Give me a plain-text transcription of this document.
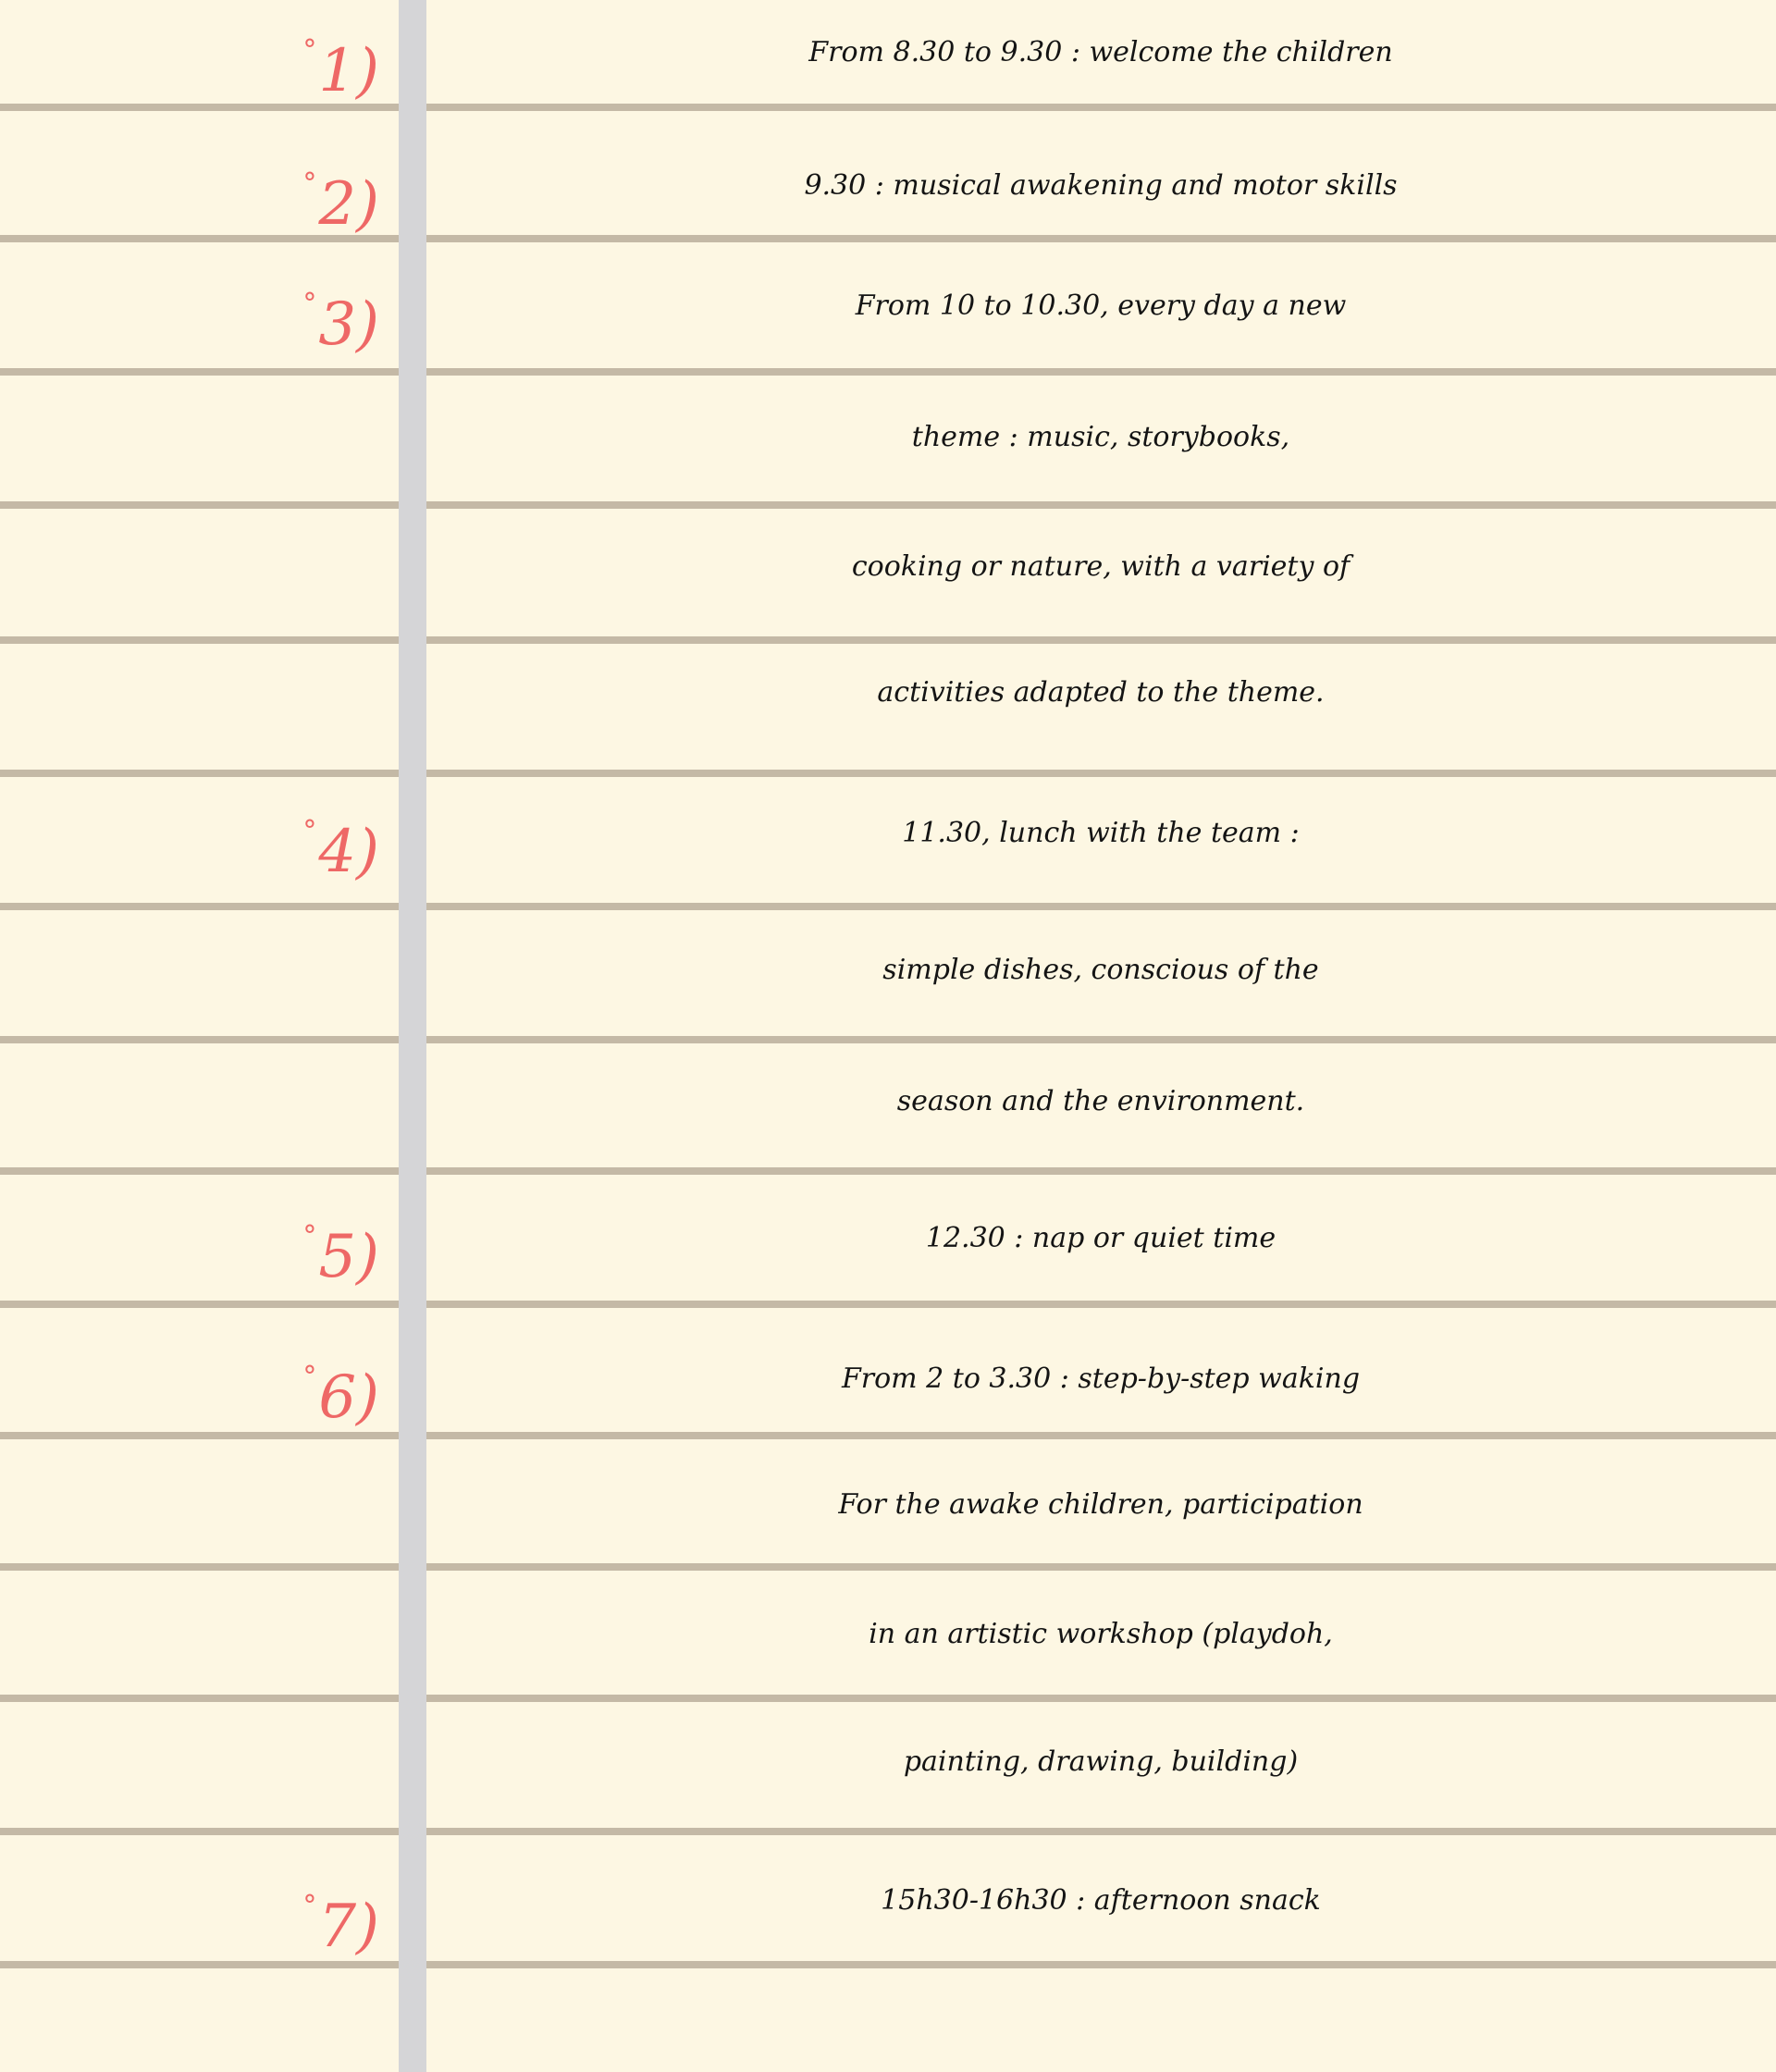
°1)	From 8.30 to 9.30 : welcome the children
°2)	9.30 : musical awakening and motor skills
°3)	From 10 to 10.30, every day a new
theme : music, storybooks,
cooking or nature, with a variety of
activities adapted to the theme.
°4)	11.30, lunch with the team :
simple dishes, conscious of the
season and the environment.
°5)	12.30 : nap or quiet time
°6)	From 2 to 3.30 : step-by-step waking
For the awake children, participation
in an artistic workshop (playdoh,
painting, drawing, building)
°7)	15h30-16h30 : afternoon snack
